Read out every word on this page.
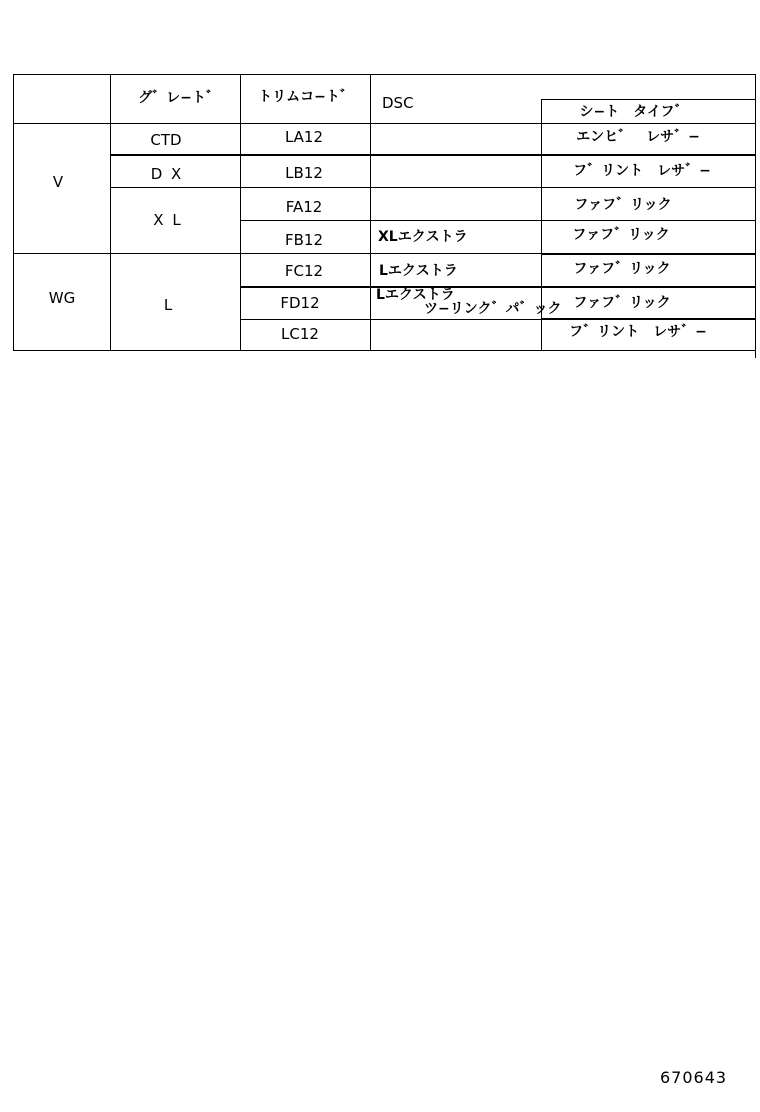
グ゛レ−ト゛	トリムコ−ト゛ DSC	シ−ト　タイフ゛
V
WG
CTD
D X
X L
L
LA12
LB12
FA12
FB12
FC12
FD12
LC12
XLエクストラ
Lエクストラ
Lエクストラ
ツ−リンク゛パ゛ック
エンヒ゛　レサ゛−
フ゛リント　レサ゛−
ファフ゛リック
ファフ゛リック
ファフ゛リック
ファフ゛リック
フ゛リント　レサ゛−
670643
